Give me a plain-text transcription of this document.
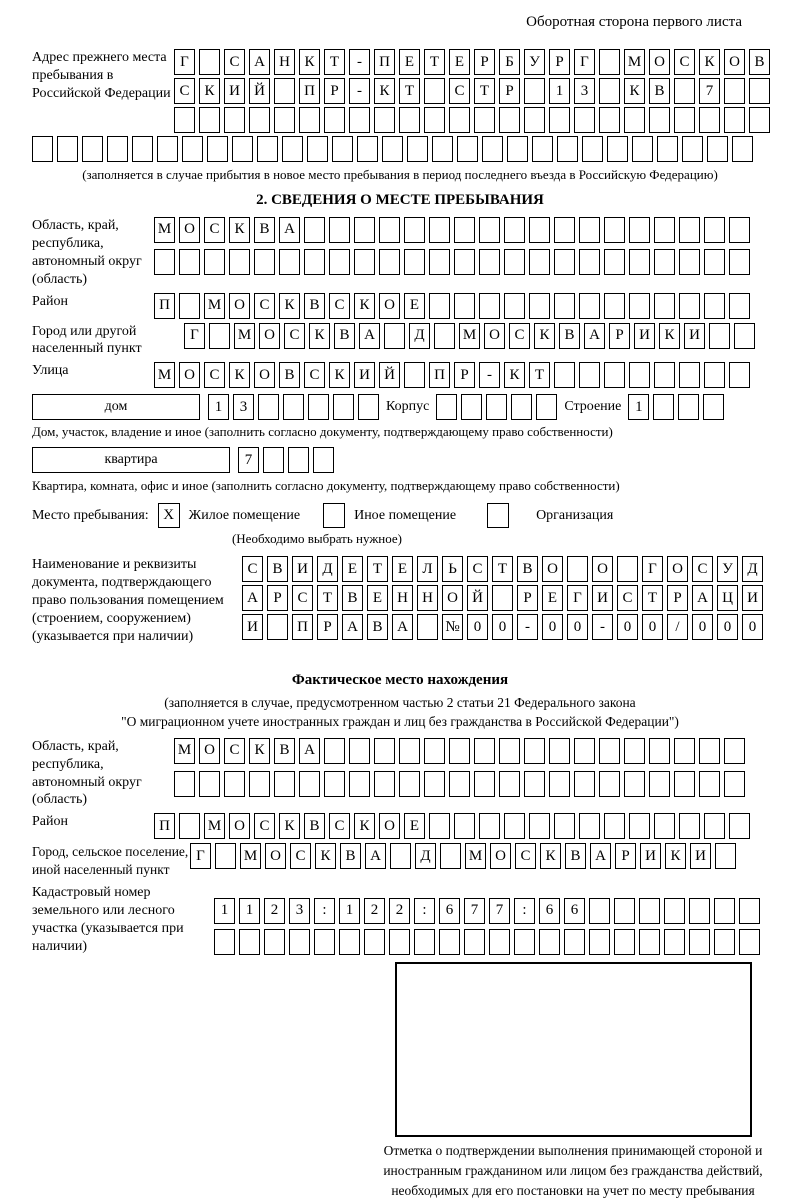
Оборотная сторона первого листа
Адрес прежнего места пребывания в Российской Федерации
Г	С А Н К	Т	-	П Е	Т	Е	Р	Б	У	Р	Г	М О С К О В
С К И Й	П	Р	-	К	Т	С	Т	Р	1	3	К В	7
(заполняется в случае прибытия в новое место пребывания в период последнего въезда в Российскую Федерацию)
2. СВЕДЕНИЯ О МЕСТЕ ПРЕБЫВАНИЯ
Область, край, республика, автономный округ (область)
М О С К В А
Район	П	М О С К В С К О Е
Город или другой населенный пункт
Г	М О С К В А	Д	М О С К В А	Р	И К И
Улица	М О С К О В С К И Й	П	Р	-	К	Т
дом	1	3	Корпус	Строение 1
Дом, участок, владение и иное (заполнить согласно документу, подтверждающему право собственности)
квартира	7
Квартира, комната, офис и иное (заполнить согласно документу, подтверждающему право собственности)
Место пребывания: X	Жилое помещение	Иное помещение	Организация
(Необходимо выбрать нужное)
Наименование и реквизиты документа, подтверждающего право пользования помещением (строением, сооружением) (указывается при наличии)
С В И Д	Е	Т	Е	Л	Ь	С	Т	В О	О	Г	О С У Д
А	Р	С	Т	В	Е	Н Н О Й	Р	Е	Г	И С	Т	Р	А Ц И
И	П	Р	А В А	№ 0	0	-	0	0	-	0	0	/	0	0	0
Фактическое место нахождения
(заполняется в случае, предусмотренном частью 2 статьи 21 Федерального закона
"О миграционном учете иностранных граждан и лиц без гражданства в Российской Федерации")
Область, край, республика, автономный округ (область)
М О С К В А
Район	П	М О С К В С К О Е
Город, сельское поселение, иной населенный пункт
Г	М О С К В А	Д	М О С К В А	Р	И К И
Кадастровый номер земельного или лесного участка (указывается при наличии)
1	1	2	3	:	1	2	2	:	6	7	7	:	6	6
Отметка о подтверждении выполнения принимающей стороной и иностранным гражданином или лицом без гражданства действий, необходимых для его постановки на учет по месту пребывания
